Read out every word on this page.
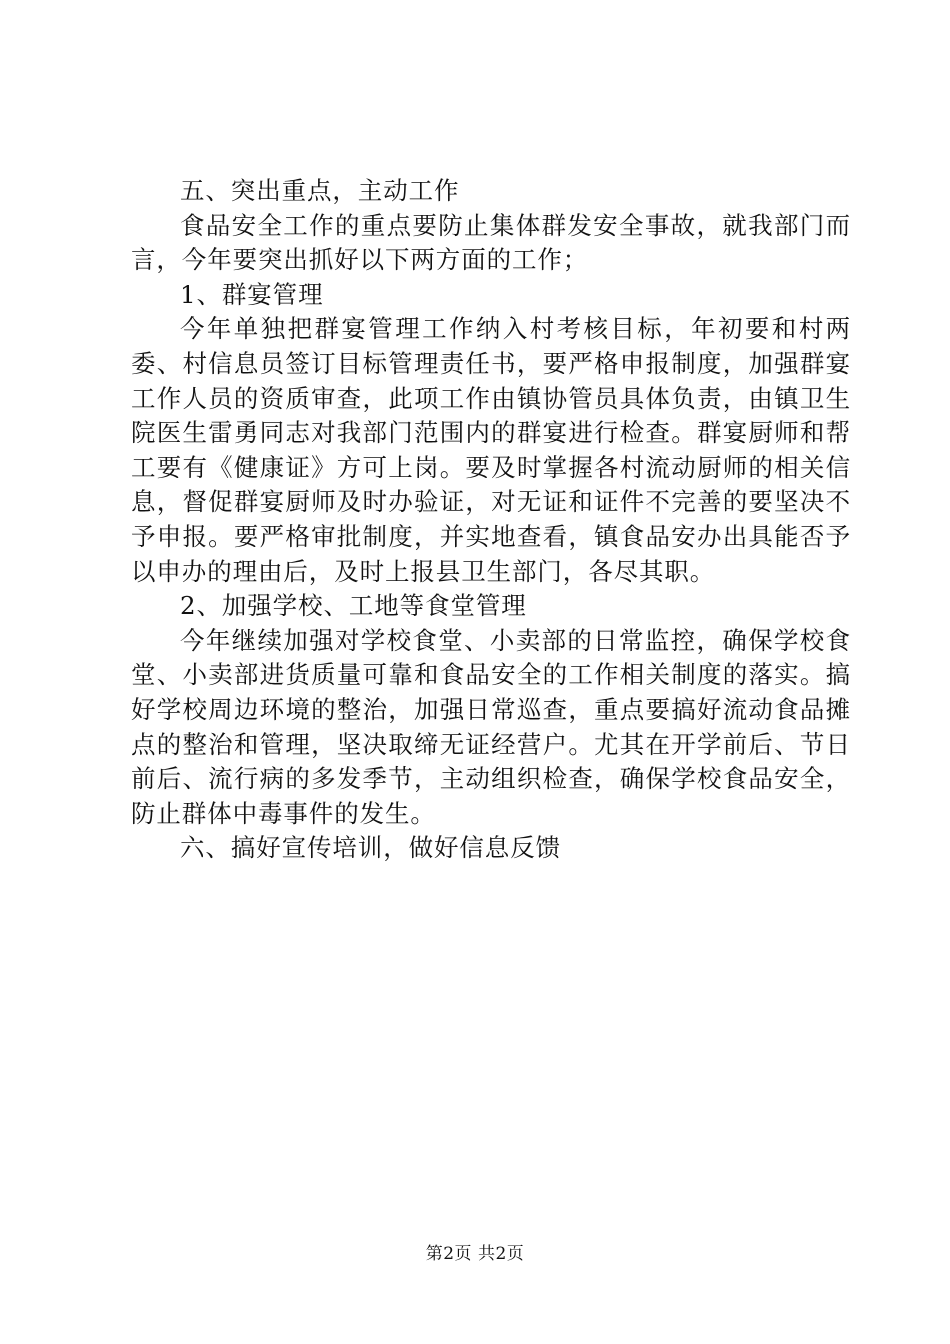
五、突出重点，主动工作

食品安全工作的重点要防止集体群发安全事故，就我部门而言，今年要突出抓好以下两方面的工作；

1、群宴管理

今年单独把群宴管理工作纳入村考核目标，年初要和村两委、村信息员签订目标管理责任书，要严格申报制度，加强群宴工作人员的资质审查，此项工作由镇协管员具体负责，由镇卫生院医生雷勇同志对我部门范围内的群宴进行检查。群宴厨师和帮工要有《健康证》方可上岗。要及时掌握各村流动厨师的相关信息，督促群宴厨师及时办验证，对无证和证件不完善的要坚决不予申报。要严格审批制度，并实地查看，镇食品安办出具能否予以申办的理由后，及时上报县卫生部门，各尽其职。

2、加强学校、工地等食堂管理

今年继续加强对学校食堂、小卖部的日常监控，确保学校食堂、小卖部进货质量可靠和食品安全的工作相关制度的落实。搞好学校周边环境的整治，加强日常巡查，重点要搞好流动食品摊点的整治和管理，坚决取缔无证经营户。尤其在开学前后、节日前后、流行病的多发季节，主动组织检查，确保学校食品安全，防止群体中毒事件的发生。

六、搞好宣传培训，做好信息反馈

第2页 共2页
